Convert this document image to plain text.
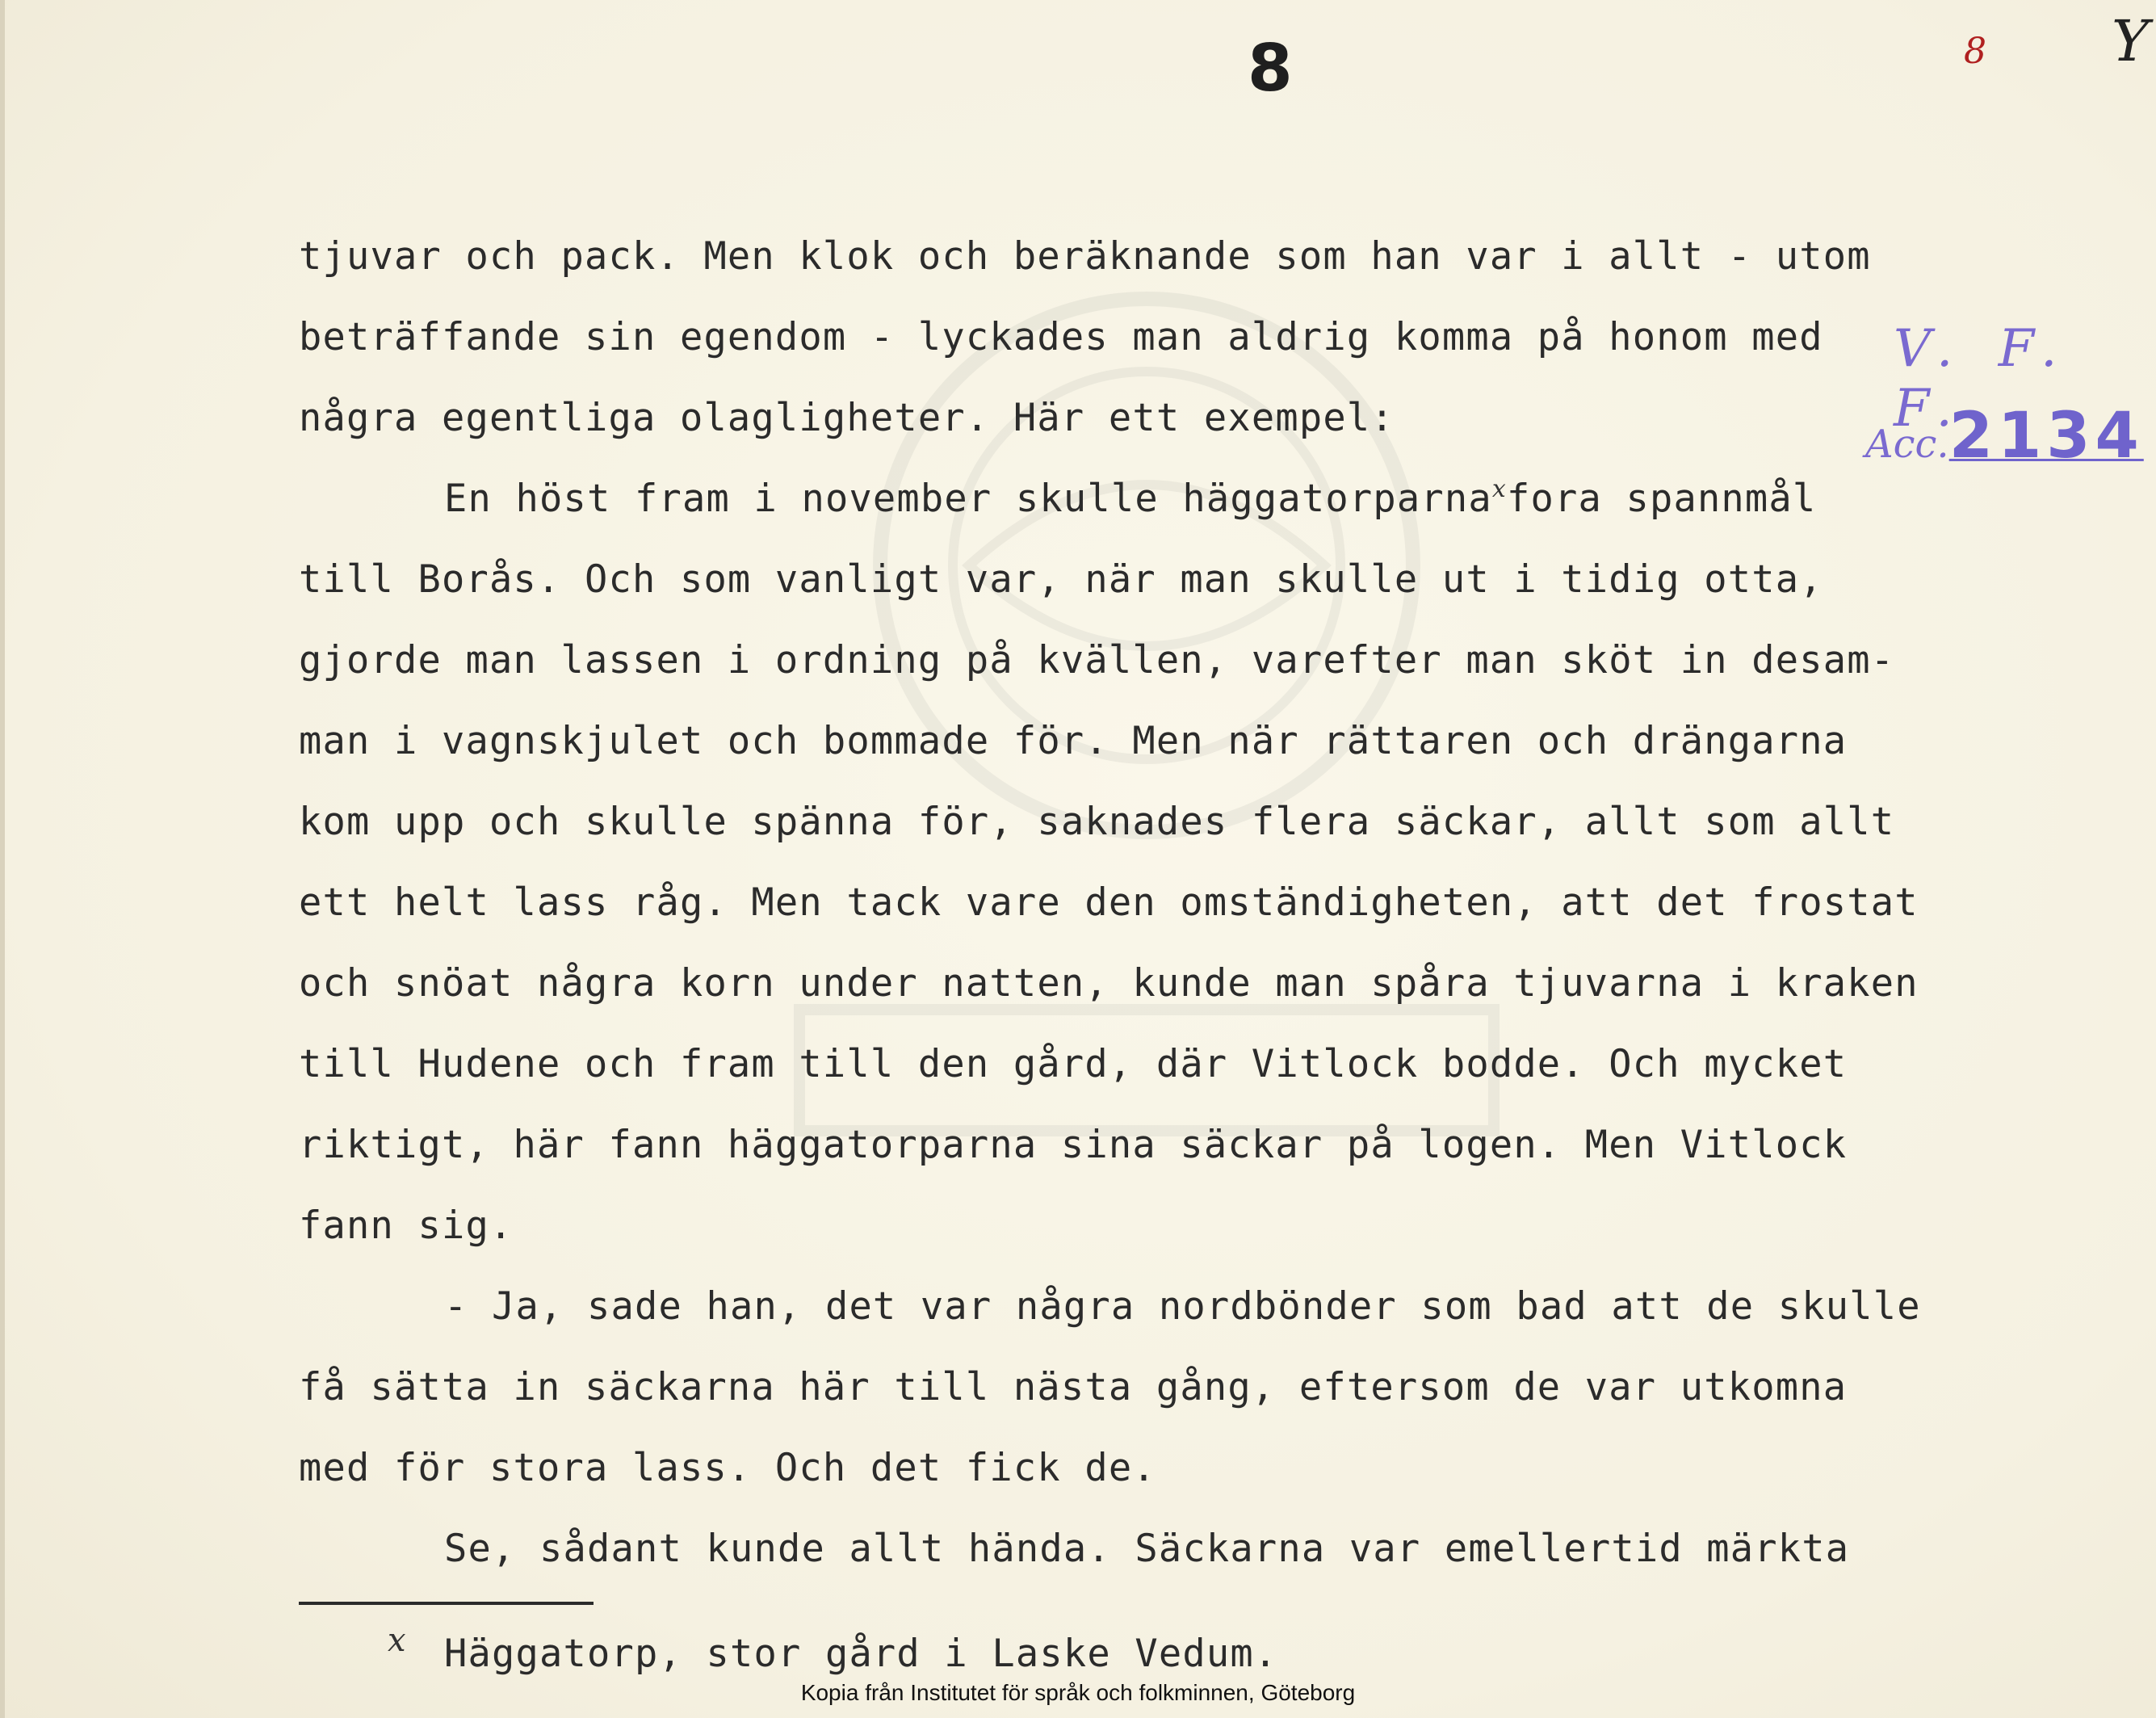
8	8 Y
V. F. F.
Acc.2134
tjuvar och pack. Men klok och beräknande som han var i allt - utom
beträffande sin egendom - lyckades man aldrig komma på honom med
några egentliga olagligheter. Här ett exempel:
En höst fram i november skulle häggatorparna$^x$fora spannmål
till Borås. Och som vanligt var, när man skulle ut i tidig otta,
gjorde man lassen i ordning på kvällen, varefter man sköt in desam-
man i vagnskjulet och bommade för. Men när rättaren och drängarna
kom upp och skulle spänna för, saknades flera säckar, allt som allt
ett helt lass råg. Men tack vare den omständigheten, att det frostat
och snöat några korn under natten, kunde man spåra tjuvarna i kraken
till Hudene och fram till den gård, där Vitlock bodde. Och mycket
riktigt, här fann häggatorparna sina säckar på logen. Men Vitlock
fann sig.
- Ja, sade han, det var några nordbönder som bad att de skulle
få sätta in säckarna här till nästa gång, eftersom de var utkomna
med för stora lass. Och det fick de.
Se, sådant kunde allt hända. Säckarna var emellertid märkta
x Häggatorp, stor gård i Laske Vedum.
Kopia från Institutet för språk och folkminnen, Göteborg
